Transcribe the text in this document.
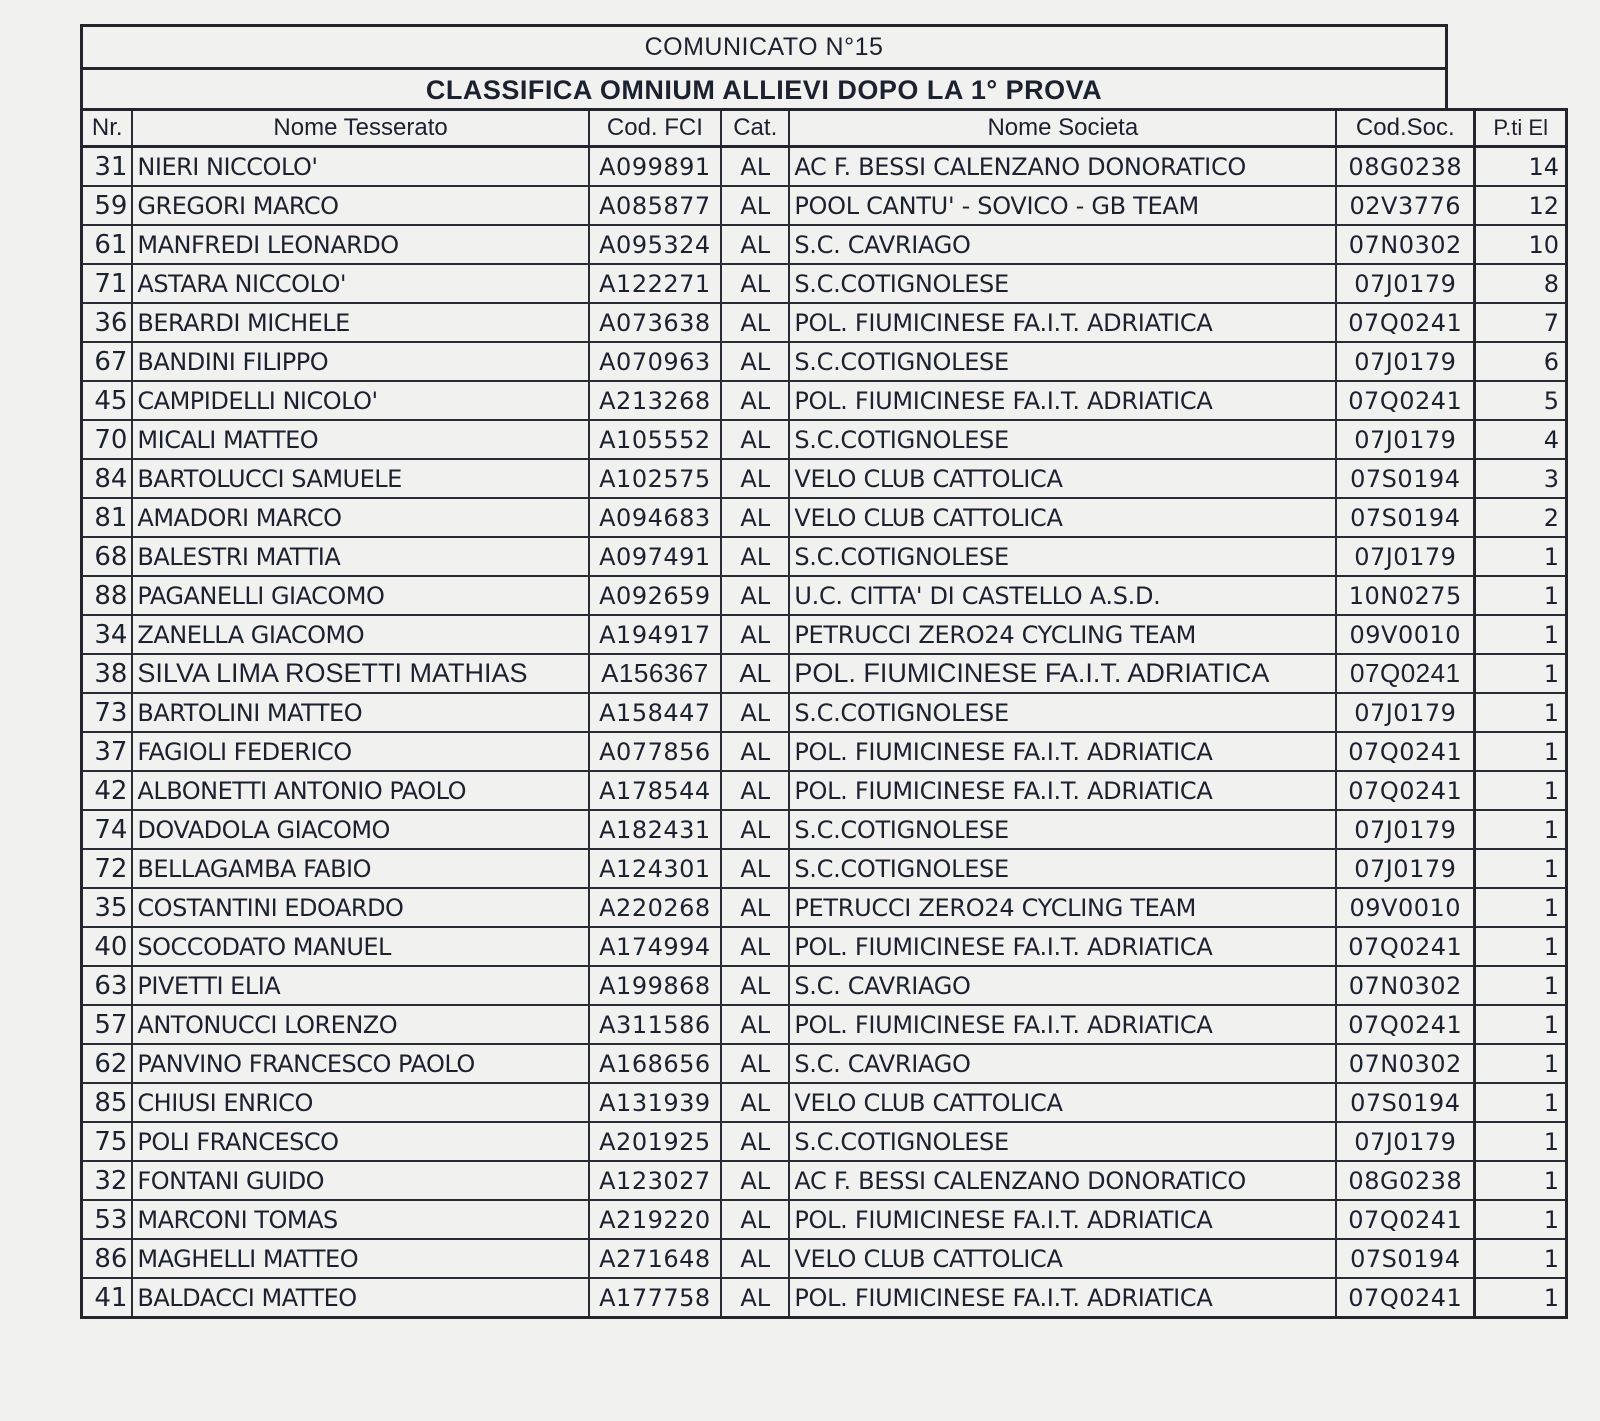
COMUNICATO N°15
CLASSIFICA OMNIUM ALLIEVI DOPO LA 1° PROVA
Nr.	Nome Tesserato	Cod. FCI	Cat.	Nome Societa	Cod.Soc.	P.ti El
31	NIERI NICCOLO'	A099891	AL	AC F. BESSI CALENZANO DONORATICO	08G0238	14
59	GREGORI MARCO	A085877	AL	POOL CANTU' - SOVICO - GB TEAM	02V3776	12
61	MANFREDI LEONARDO	A095324	AL	S.C. CAVRIAGO	07N0302	10
71	ASTARA NICCOLO'	A122271	AL	S.C.COTIGNOLESE	07J0179	8
36	BERARDI MICHELE	A073638	AL	POL. FIUMICINESE FA.I.T. ADRIATICA	07Q0241	7
67	BANDINI FILIPPO	A070963	AL	S.C.COTIGNOLESE	07J0179	6
45	CAMPIDELLI NICOLO'	A213268	AL	POL. FIUMICINESE FA.I.T. ADRIATICA	07Q0241	5
70	MICALI MATTEO	A105552	AL	S.C.COTIGNOLESE	07J0179	4
84	BARTOLUCCI SAMUELE	A102575	AL	VELO CLUB CATTOLICA	07S0194	3
81	AMADORI MARCO	A094683	AL	VELO CLUB CATTOLICA	07S0194	2
68	BALESTRI MATTIA	A097491	AL	S.C.COTIGNOLESE	07J0179	1
88	PAGANELLI GIACOMO	A092659	AL	U.C. CITTA' DI CASTELLO A.S.D.	10N0275	1
34	ZANELLA GIACOMO	A194917	AL	PETRUCCI ZERO24 CYCLING TEAM	09V0010	1
38	SILVA LIMA ROSETTI MATHIAS	A156367	AL	POL. FIUMICINESE FA.I.T. ADRIATICA	07Q0241	1
73	BARTOLINI MATTEO	A158447	AL	S.C.COTIGNOLESE	07J0179	1
37	FAGIOLI FEDERICO	A077856	AL	POL. FIUMICINESE FA.I.T. ADRIATICA	07Q0241	1
42	ALBONETTI ANTONIO PAOLO	A178544	AL	POL. FIUMICINESE FA.I.T. ADRIATICA	07Q0241	1
74	DOVADOLA GIACOMO	A182431	AL	S.C.COTIGNOLESE	07J0179	1
72	BELLAGAMBA FABIO	A124301	AL	S.C.COTIGNOLESE	07J0179	1
35	COSTANTINI EDOARDO	A220268	AL	PETRUCCI ZERO24 CYCLING TEAM	09V0010	1
40	SOCCODATO MANUEL	A174994	AL	POL. FIUMICINESE FA.I.T. ADRIATICA	07Q0241	1
63	PIVETTI ELIA	A199868	AL	S.C. CAVRIAGO	07N0302	1
57	ANTONUCCI LORENZO	A311586	AL	POL. FIUMICINESE FA.I.T. ADRIATICA	07Q0241	1
62	PANVINO FRANCESCO PAOLO	A168656	AL	S.C. CAVRIAGO	07N0302	1
85	CHIUSI ENRICO	A131939	AL	VELO CLUB CATTOLICA	07S0194	1
75	POLI FRANCESCO	A201925	AL	S.C.COTIGNOLESE	07J0179	1
32	FONTANI GUIDO	A123027	AL	AC F. BESSI CALENZANO DONORATICO	08G0238	1
53	MARCONI TOMAS	A219220	AL	POL. FIUMICINESE FA.I.T. ADRIATICA	07Q0241	1
86	MAGHELLI MATTEO	A271648	AL	VELO CLUB CATTOLICA	07S0194	1
41	BALDACCI MATTEO	A177758	AL	POL. FIUMICINESE FA.I.T. ADRIATICA	07Q0241	1
